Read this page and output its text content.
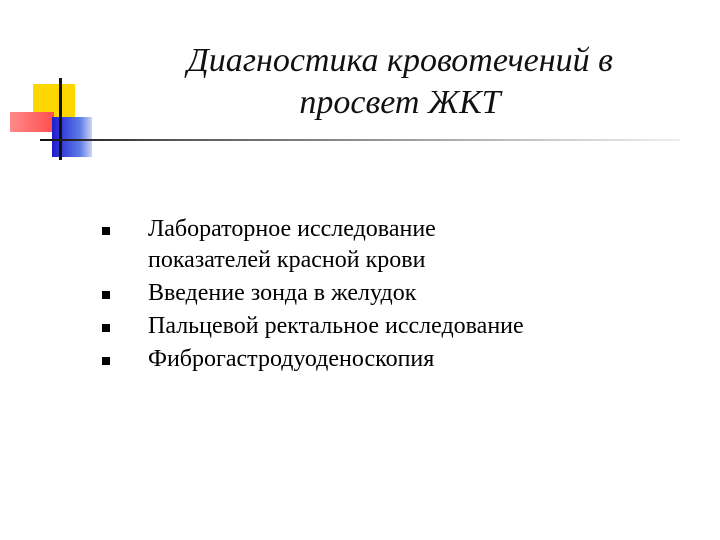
Диагностика кровотечений в
просвет ЖКТ
Лабораторное исследование
показателей красной крови
Введение зонда в желудок
Пальцевой ректальное исследование
Фиброгастродуоденоскопия
